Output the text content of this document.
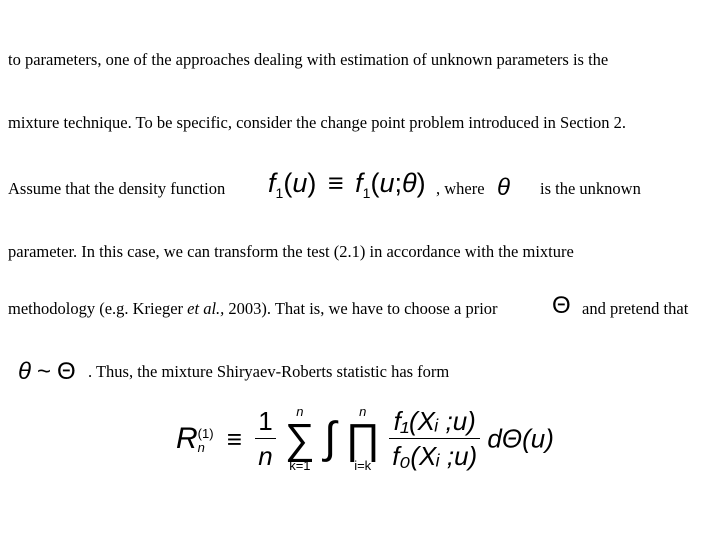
to parameters, one of the approaches dealing with estimation of unknown parameters is the
mixture technique. To be specific, consider the change point problem introduced in Section 2.
Assume that the density function $f_1(u)$ ≡ $f_1(u;\theta)$ , where θ is the unknown
parameter. In this case, we can transform the test (2.1) in accordance with the mixture
methodology (e.g. Krieger et al., 2003). That is, we have to choose a prior Θ and pretend that
θ ~ Θ . Thus, the mixture Shiryaev-Roberts statistic has form
R (1)
$n \equiv \frac{1}{n}$
	n
∑
k=1
∫
n
∏
i=k
$\frac{\text{f₁(Xᵢ ;u)}}{\text{f₀(Xᵢ ;u)}} d\Theta(u)$
